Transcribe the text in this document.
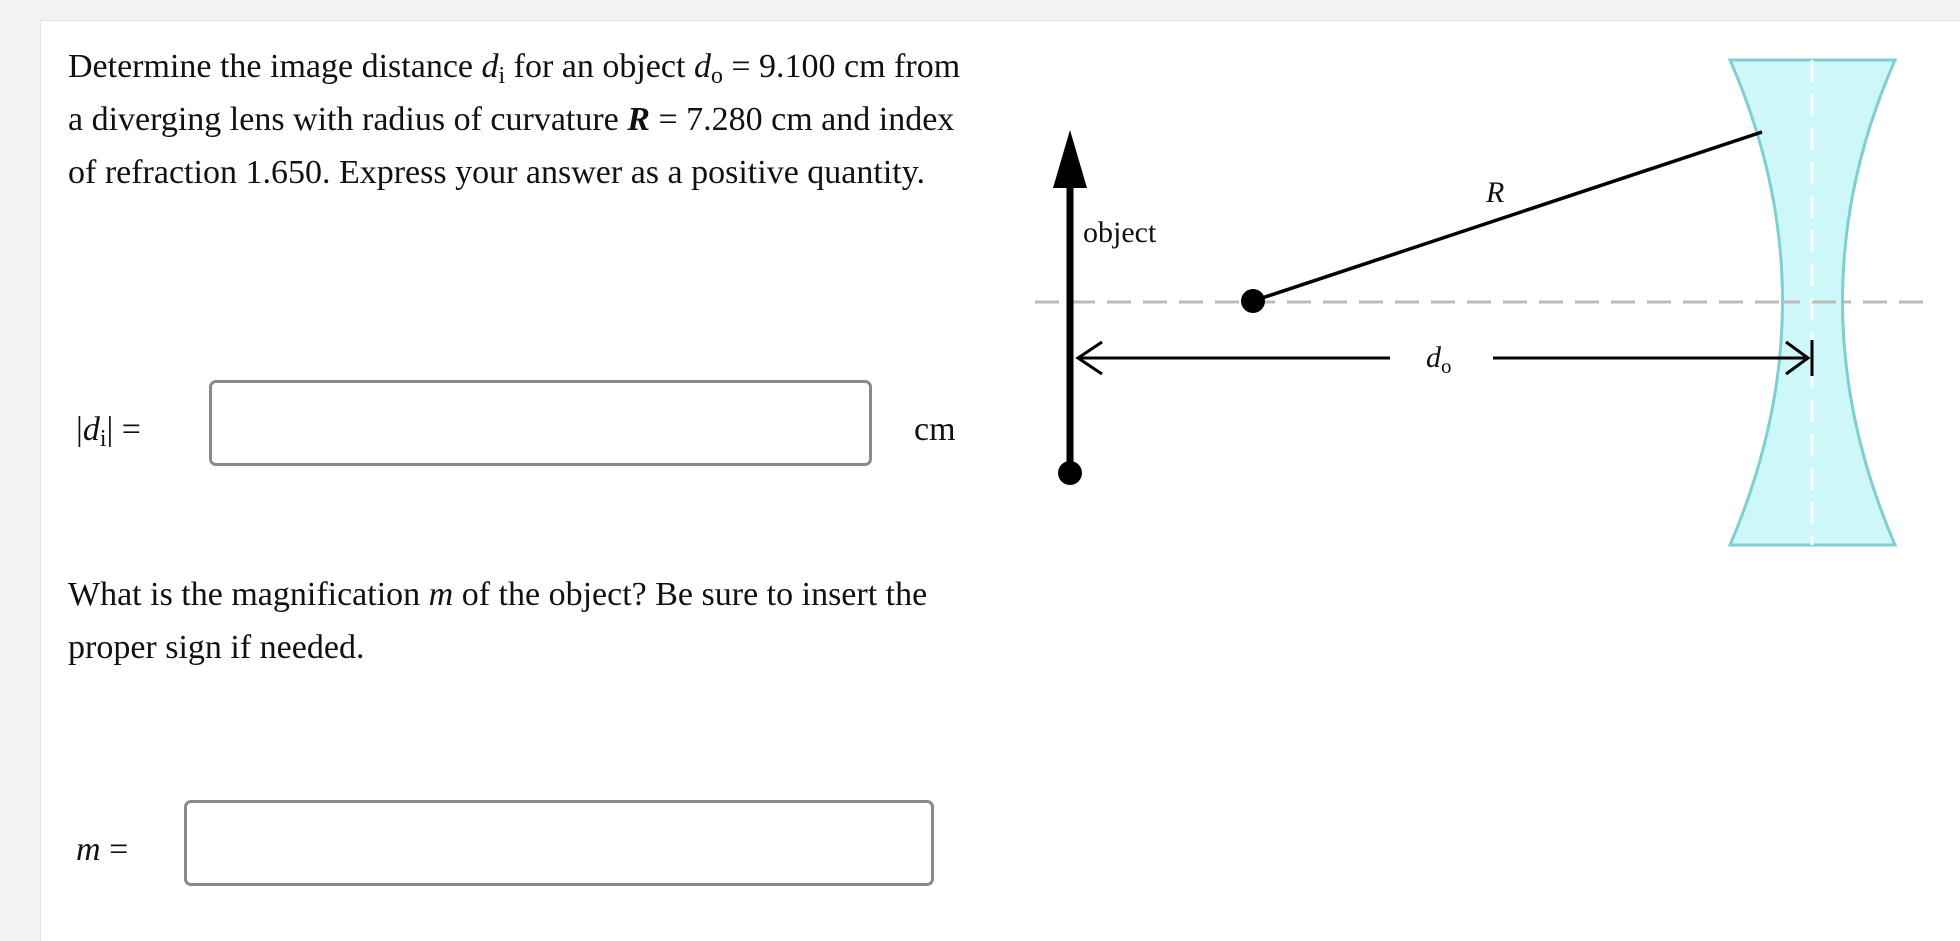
Determine the image distance $d_i$ for an object $d_o = 9.100$ cm from a diverging lens with radius of curvature R = 7.280 cm and index of refraction 1.650. Express your answer as a positive quantity.

$|d_i|$ =	cm

What is the magnification m of the object? Be sure to insert the proper sign if needed.

m =
object
R
$d_o$
